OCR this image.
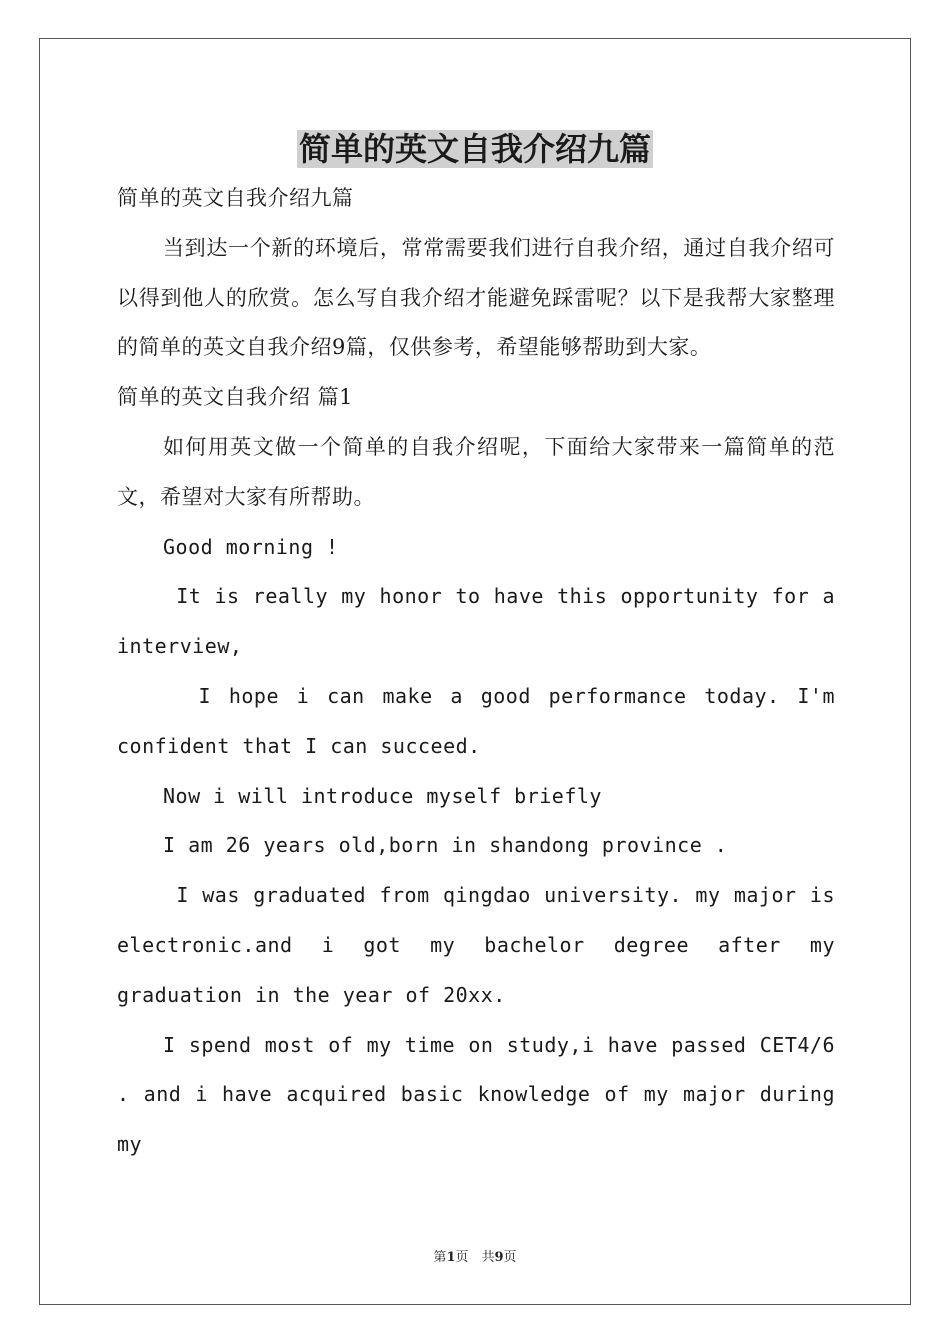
简单的英文自我介绍九篇

简单的英文自我介绍九篇

当到达一个新的环境后，常常需要我们进行自我介绍，通过自我介绍可以得到他人的欣赏。怎么写自我介绍才能避免踩雷呢？以下是我帮大家整理的简单的英文自我介绍9篇，仅供参考，希望能够帮助到大家。

简单的英文自我介绍 篇1

如何用英文做一个简单的自我介绍呢，下面给大家带来一篇简单的范文，希望对大家有所帮助。

Good morning !

It is really my honor to have this opportunity for a interview,

I hope i can make a good performance today. I'm confident that I can succeed.

Now i will introduce myself briefly

I am 26 years old,born in shandong province .

I was graduated from qingdao university. my major is electronic.and i got my bachelor degree after my graduation in the year of 20xx.

I spend most of my time on study,i have passed CET4/6 . and i have acquired basic knowledge of my major during my

第1页　共9页
